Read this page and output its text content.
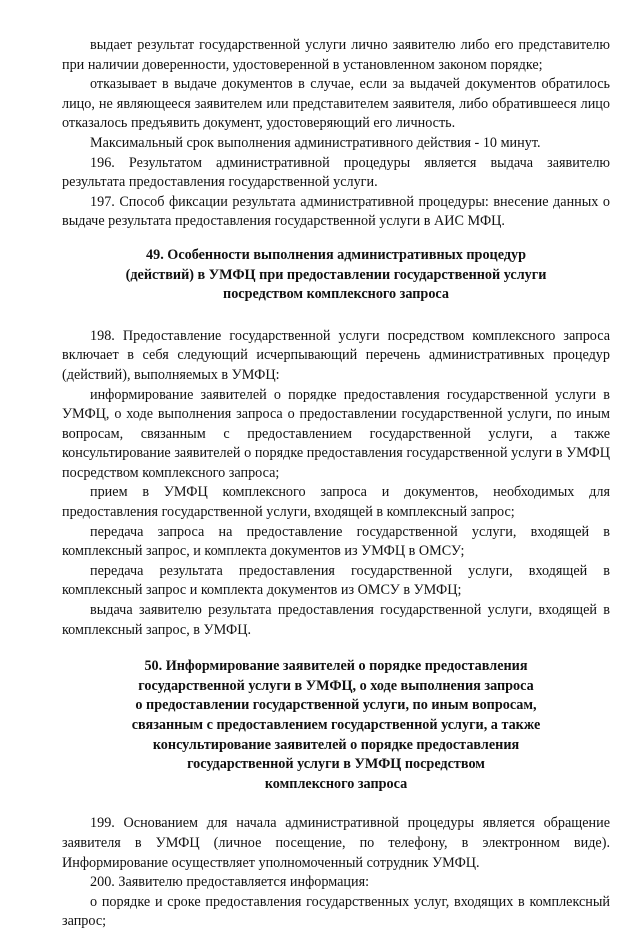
выдает результат государственной услуги лично заявителю либо его представителю при наличии доверенности, удостоверенной в установленном законом порядке;

отказывает в выдаче документов в случае, если за выдачей документов обратилось лицо, не являющееся заявителем или представителем заявителя, либо обратившееся лицо отказалось предъявить документ, удостоверяющий его личность.

Максимальный срок выполнения административного действия - 10 минут.

196. Результатом административной процедуры является выдача заявителю результата предоставления государственной услуги.

197. Способ фиксации результата административной процедуры: внесение данных о выдаче результата предоставления государственной услуги в АИС МФЦ.

49. Особенности выполнения административных процедур
(действий) в УМФЦ при предоставлении государственной услуги
посредством комплексного запроса

198. Предоставление государственной услуги посредством комплексного запроса включает в себя следующий исчерпывающий перечень административных процедур (действий), выполняемых в УМФЦ:

информирование заявителей о порядке предоставления государственной услуги в УМФЦ, о ходе выполнения запроса о предоставлении государственной услуги, по иным вопросам, связанным с предоставлением государственной услуги, а также консультирование заявителей о порядке предоставления государственной услуги в УМФЦ посредством комплексного запроса;

прием в УМФЦ комплексного запроса и документов, необходимых для предоставления государственной услуги, входящей в комплексный запрос;

передача запроса на предоставление государственной услуги, входящей в комплексный запрос, и комплекта документов из УМФЦ в ОМСУ;

передача результата предоставления государственной услуги, входящей в комплексный запрос и комплекта документов из ОМСУ в УМФЦ;

выдача заявителю результата предоставления государственной услуги, входящей в комплексный запрос, в УМФЦ.

50. Информирование заявителей о порядке предоставления
государственной услуги в УМФЦ, о ходе выполнения запроса
о предоставлении государственной услуги, по иным вопросам,
связанным с предоставлением государственной услуги, а также
консультирование заявителей о порядке предоставления
государственной услуги в УМФЦ посредством
комплексного запроса

199. Основанием для начала административной процедуры является обращение заявителя в УМФЦ (личное посещение, по телефону, в электронном виде). Информирование осуществляет уполномоченный сотрудник УМФЦ.

200. Заявителю предоставляется информация:

о порядке и сроке предоставления государственных услуг, входящих в комплексный запрос;
